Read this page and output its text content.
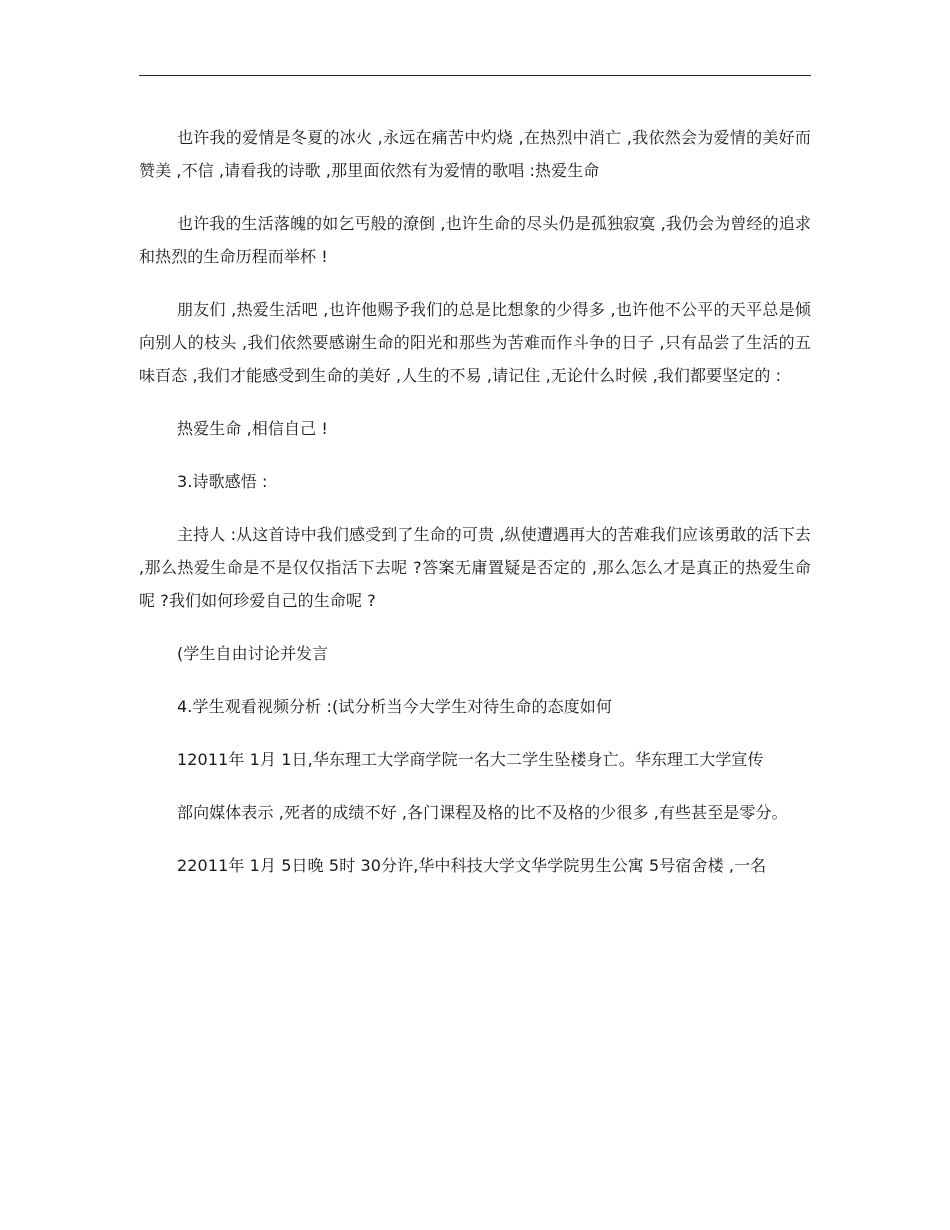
也许我的爱情是冬夏的冰火 ,永远在痛苦中灼烧 ,在热烈中消亡 ,我依然会为爱情的美好而赞美 ,不信 ,请看我的诗歌 ,那里面依然有为爱情的歌唱 :热爱生命

也许我的生活落魄的如乞丐般的潦倒 ,也许生命的尽头仍是孤独寂寞 ,我仍会为曾经的追求和热烈的生命历程而举杯 !

朋友们 ,热爱生活吧 ,也许他赐予我们的总是比想象的少得多 ,也许他不公平的天平总是倾向别人的枝头 ,我们依然要感谢生命的阳光和那些为苦难而作斗争的日子 ,只有品尝了生活的五味百态 ,我们才能感受到生命的美好 ,人生的不易 ,请记住 ,无论什么时候 ,我们都要坚定的 :

热爱生命 ,相信自己 !

3.诗歌感悟 :

主持人 :从这首诗中我们感受到了生命的可贵 ,纵使遭遇再大的苦难我们应该勇敢的活下去 ,那么热爱生命是不是仅仅指活下去呢 ?答案无庸置疑是否定的 ,那么怎么才是真正的热爱生命呢 ?我们如何珍爱自己的生命呢 ?

(学生自由讨论并发言

4.学生观看视频分析 :(试分析当今大学生对待生命的态度如何

12011年 1月 1日,华东理工大学商学院一名大二学生坠楼身亡。华东理工大学宣传

部向媒体表示 ,死者的成绩不好 ,各门课程及格的比不及格的少很多 ,有些甚至是零分。

22011年 1月 5日晚 5时 30分许,华中科技大学文华学院男生公寓 5号宿舍楼 ,一名
